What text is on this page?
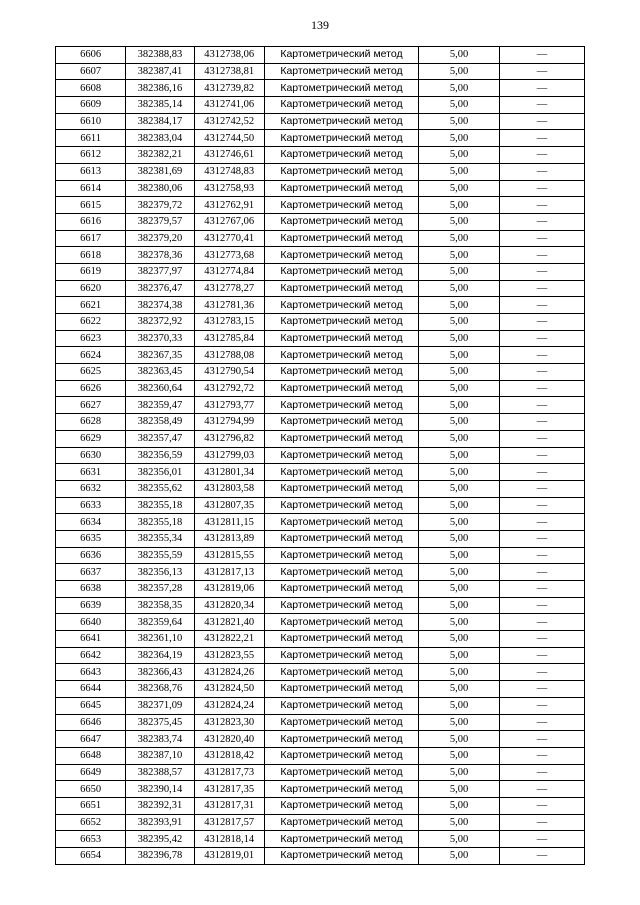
139
6606	382388,83	4312738,06	Картометрический метод	5,00	—
6607	382387,41	4312738,81	Картометрический метод	5,00	—
6608	382386,16	4312739,82	Картометрический метод	5,00	—
6609	382385,14	4312741,06	Картометрический метод	5,00	—
6610	382384,17	4312742,52	Картометрический метод	5,00	—
6611	382383,04	4312744,50	Картометрический метод	5,00	—
6612	382382,21	4312746,61	Картометрический метод	5,00	—
6613	382381,69	4312748,83	Картометрический метод	5,00	—
6614	382380,06	4312758,93	Картометрический метод	5,00	—
6615	382379,72	4312762,91	Картометрический метод	5,00	—
6616	382379,57	4312767,06	Картометрический метод	5,00	—
6617	382379,20	4312770,41	Картометрический метод	5,00	—
6618	382378,36	4312773,68	Картометрический метод	5,00	—
6619	382377,97	4312774,84	Картометрический метод	5,00	—
6620	382376,47	4312778,27	Картометрический метод	5,00	—
6621	382374,38	4312781,36	Картометрический метод	5,00	—
6622	382372,92	4312783,15	Картометрический метод	5,00	—
6623	382370,33	4312785,84	Картометрический метод	5,00	—
6624	382367,35	4312788,08	Картометрический метод	5,00	—
6625	382363,45	4312790,54	Картометрический метод	5,00	—
6626	382360,64	4312792,72	Картометрический метод	5,00	—
6627	382359,47	4312793,77	Картометрический метод	5,00	—
6628	382358,49	4312794,99	Картометрический метод	5,00	—
6629	382357,47	4312796,82	Картометрический метод	5,00	—
6630	382356,59	4312799,03	Картометрический метод	5,00	—
6631	382356,01	4312801,34	Картометрический метод	5,00	—
6632	382355,62	4312803,58	Картометрический метод	5,00	—
6633	382355,18	4312807,35	Картометрический метод	5,00	—
6634	382355,18	4312811,15	Картометрический метод	5,00	—
6635	382355,34	4312813,89	Картометрический метод	5,00	—
6636	382355,59	4312815,55	Картометрический метод	5,00	—
6637	382356,13	4312817,13	Картометрический метод	5,00	—
6638	382357,28	4312819,06	Картометрический метод	5,00	—
6639	382358,35	4312820,34	Картометрический метод	5,00	—
6640	382359,64	4312821,40	Картометрический метод	5,00	—
6641	382361,10	4312822,21	Картометрический метод	5,00	—
6642	382364,19	4312823,55	Картометрический метод	5,00	—
6643	382366,43	4312824,26	Картометрический метод	5,00	—
6644	382368,76	4312824,50	Картометрический метод	5,00	—
6645	382371,09	4312824,24	Картометрический метод	5,00	—
6646	382375,45	4312823,30	Картометрический метод	5,00	—
6647	382383,74	4312820,40	Картометрический метод	5,00	—
6648	382387,10	4312818,42	Картометрический метод	5,00	—
6649	382388,57	4312817,73	Картометрический метод	5,00	—
6650	382390,14	4312817,35	Картометрический метод	5,00	—
6651	382392,31	4312817,31	Картометрический метод	5,00	—
6652	382393,91	4312817,57	Картометрический метод	5,00	—
6653	382395,42	4312818,14	Картометрический метод	5,00	—
6654	382396,78	4312819,01	Картометрический метод	5,00	—
